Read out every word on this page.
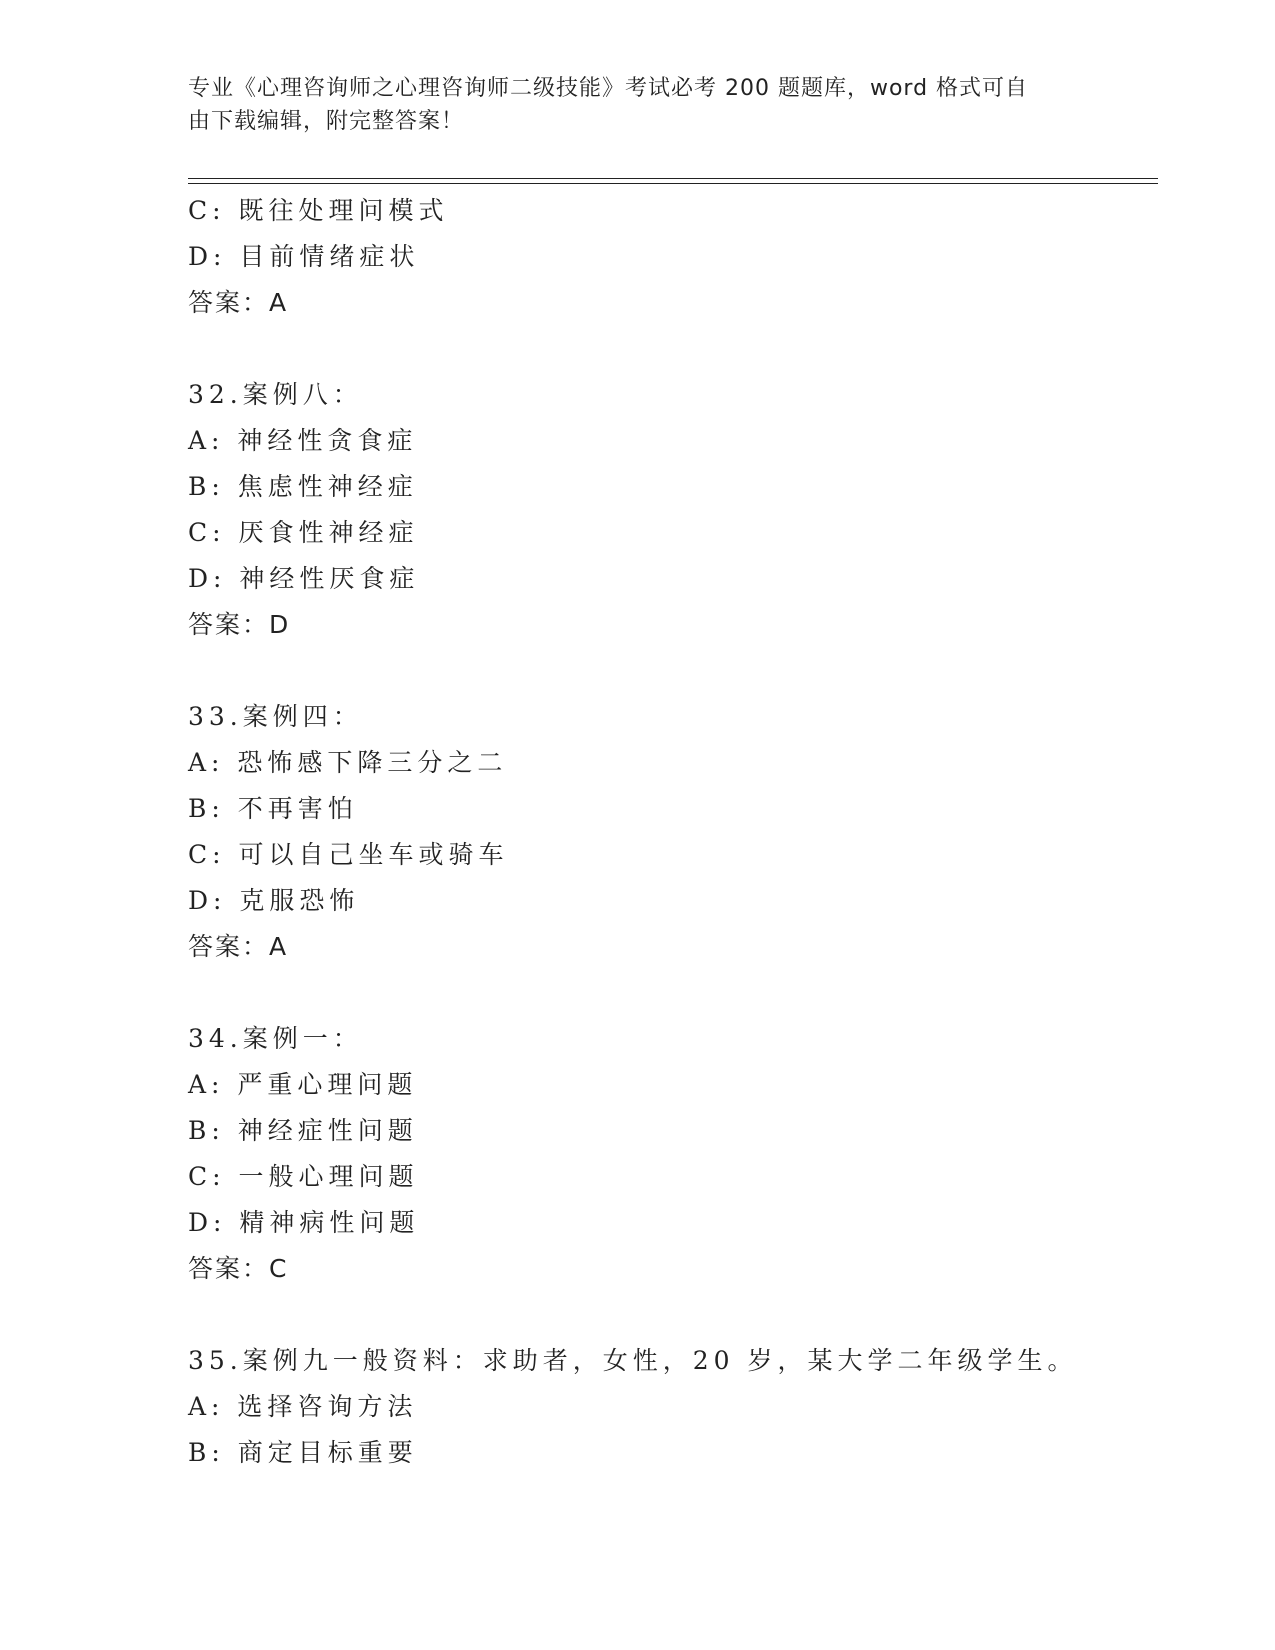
专业《心理咨询师之心理咨询师二级技能》考试必考 200 题题库，word 格式可自
由下载编辑，附完整答案！
C: 既往处理问模式
D: 目前情绪症状
答案：A
32.案例八：
A: 神经性贪食症
B: 焦虑性神经症
C: 厌食性神经症
D: 神经性厌食症
答案：D
33.案例四：
A: 恐怖感下降三分之二
B: 不再害怕
C: 可以自己坐车或骑车
D: 克服恐怖
答案：A
34.案例一：
A: 严重心理问题
B: 神经症性问题
C: 一般心理问题
D: 精神病性问题
答案：C
35.案例九一般资料：求助者，女性，20 岁，某大学二年级学生。
A: 选择咨询方法
B: 商定目标重要
